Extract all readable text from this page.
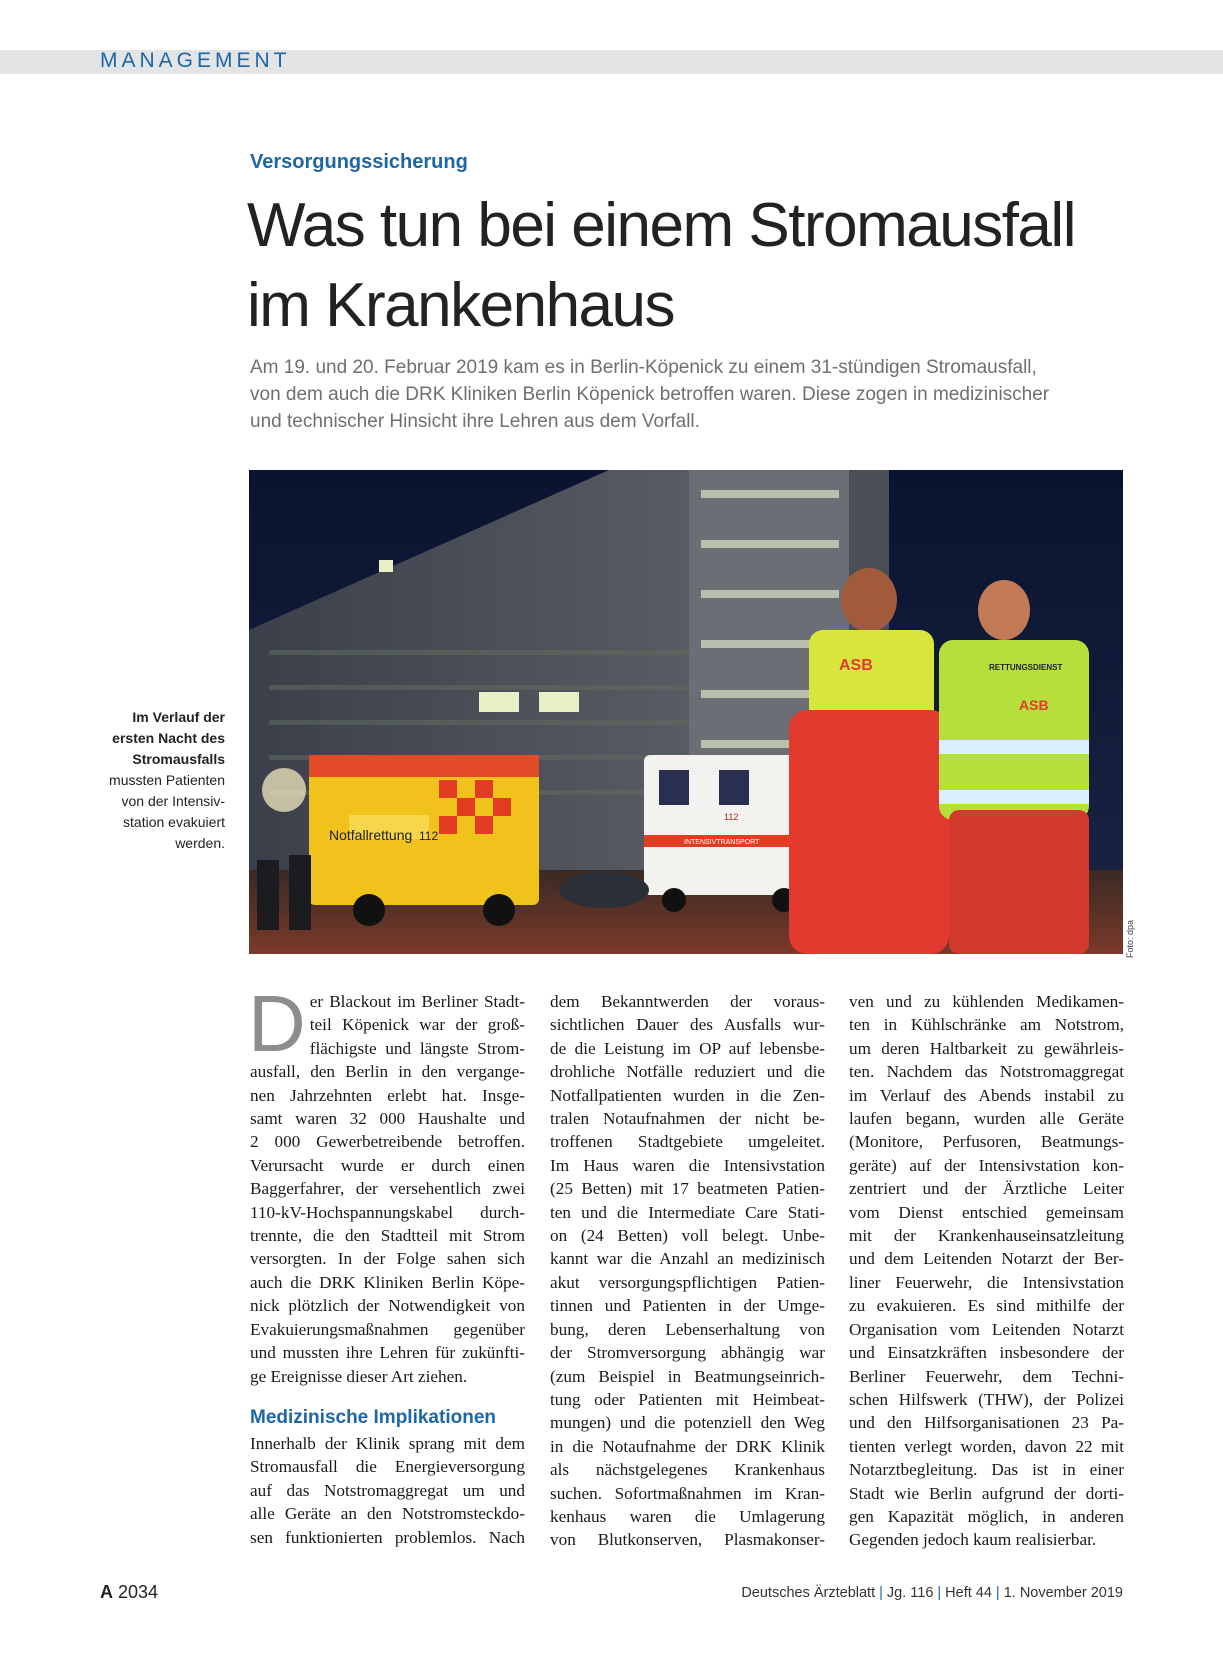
MANAGEMENT
Versorgungssicherung
Was tun bei einem Stromausfall
im Krankenhaus
Am 19. und 20. Februar 2019 kam es in Berlin-Köpenick zu einem 31-stündigen Stromausfall,
von dem auch die DRK Kliniken Berlin Köpenick betroffen waren. Diese zogen in medizinischer
und technischer Hinsicht ihre Lehren aus dem Vorfall.
Notfallrettung 112	INTENSIVTRANSPORT
112
ASB	RETTUNGSDIENST
ASB
Foto: dpa
Im Verlauf der
ersten Nacht des
Stromausfalls
mussten Patienten
von der Intensiv-
station evakuiert
werden.
D er Blackout im Berliner Stadt-
teil Köpenick war der groß-
flächigste und längste Strom-
ausfall, den Berlin in den vergange-
nen Jahrzehnten erlebt hat. Insge-
samt waren 32 000 Haushalte und
2 000 Gewerbetreibende betroffen.
Verursacht wurde er durch einen
Baggerfahrer, der versehentlich zwei
110-kV-Hochspannungskabel durch-
trennte, die den Stadtteil mit Strom
versorgten. In der Folge sahen sich
auch die DRK Kliniken Berlin Köpe-
nick plötzlich der Notwendigkeit von
Evakuierungsmaßnahmen gegenüber
und mussten ihre Lehren für zukünfti-
ge Ereignisse dieser Art ziehen.
Medizinische Implikationen
Innerhalb der Klinik sprang mit dem
Stromausfall die Energieversorgung
auf das Notstromaggregat um und
alle Geräte an den Notstromsteckdo-
sen funktionierten problemlos. Nach
dem Bekanntwerden der voraus-
sichtlichen Dauer des Ausfalls wur-
de die Leistung im OP auf lebensbe-
drohliche Notfälle reduziert und die
Notfallpatienten wurden in die Zen-
tralen Notaufnahmen der nicht be-
troffenen Stadtgebiete umgeleitet.
Im Haus waren die Intensivstation
(25 Betten) mit 17 beatmeten Patien-
ten und die Intermediate Care Stati-
on (24 Betten) voll belegt. Unbe-
kannt war die Anzahl an medizinisch
akut versorgungspflichtigen Patien-
tinnen und Patienten in der Umge-
bung, deren Lebenserhaltung von
der Stromversorgung abhängig war
(zum Beispiel in Beatmungseinrich-
tung oder Patienten mit Heimbeat-
mungen) und die potenziell den Weg
in die Notaufnahme der DRK Klinik
als nächstgelegenes Krankenhaus
suchen. Sofortmaßnahmen im Kran-
kenhaus waren die Umlagerung
von Blutkonserven, Plasmakonser-
ven und zu kühlenden Medikamen-
ten in Kühlschränke am Notstrom,
um deren Haltbarkeit zu gewährleis-
ten. Nachdem das Notstromaggregat
im Verlauf des Abends instabil zu
laufen begann, wurden alle Geräte
(Monitore, Perfusoren, Beatmungs-
geräte) auf der Intensivstation kon-
zentriert und der Ärztliche Leiter
vom Dienst entschied gemeinsam
mit der Krankenhauseinsatzleitung
und dem Leitenden Notarzt der Ber-
liner Feuerwehr, die Intensivstation
zu evakuieren. Es sind mithilfe der
Organisation vom Leitenden Notarzt
und Einsatzkräften insbesondere der
Berliner Feuerwehr, dem Techni-
schen Hilfswerk (THW), der Polizei
und den Hilfsorganisationen 23 Pa-
tienten verlegt worden, davon 22 mit
Notarztbegleitung. Das ist in einer
Stadt wie Berlin aufgrund der dorti-
gen Kapazität möglich, in anderen
Gegenden jedoch kaum realisierbar.
A 2034	Deutsches Ärzteblatt | Jg. 116 | Heft 44 | 1. November 2019
